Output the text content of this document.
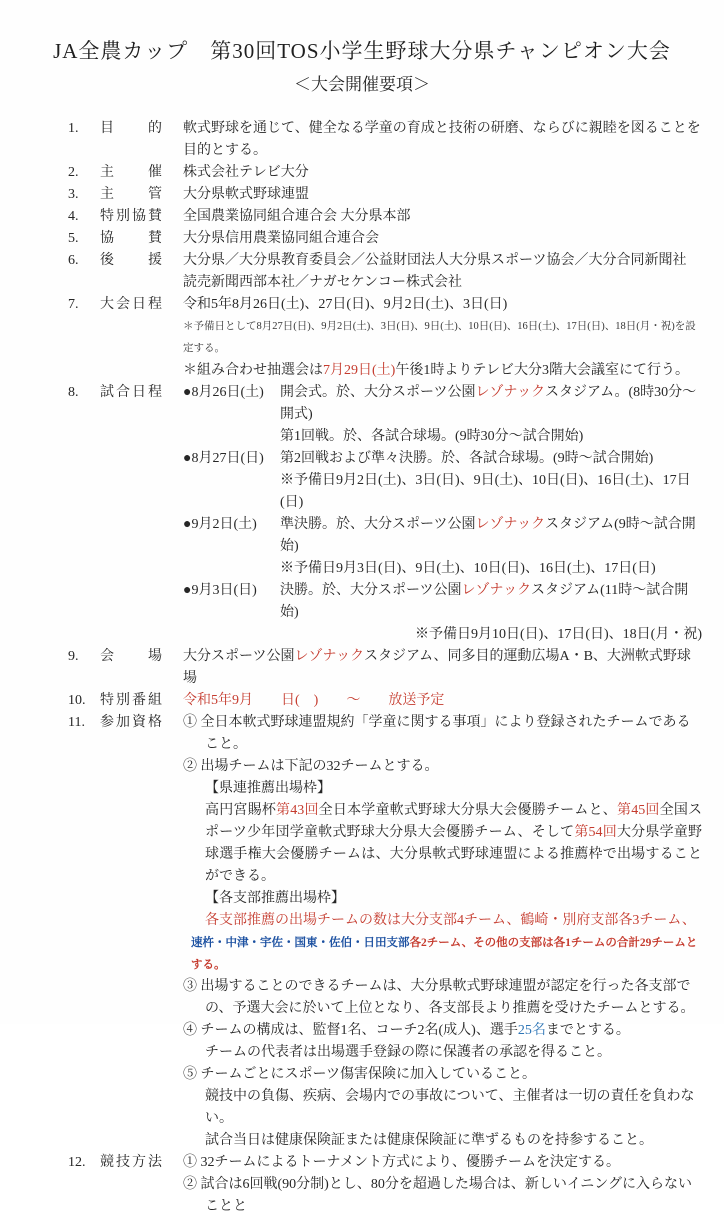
JA全農カップ　第30回TOS小学生野球大分県チャンピオン大会
＜大会開催要項＞
1.	目的 軟式野球を通じて、健全なる学童の育成と技術の研磨、ならびに親睦を図ることを目的とする。
2.	主催 株式会社テレビ大分
3.	主管 大分県軟式野球連盟
4.	特別協賛 全国農業協同組合連合会 大分県本部
5.	協賛 大分県信用農業協同組合連合会
6.	後援 大分県／大分県教育委員会／公益財団法人大分県スポーツ協会／大分合同新聞社
読売新聞西部本社／ナガセケンコー株式会社
7.	大会日程 令和5年8月26日(土)、27日(日)、9月2日(土)、3日(日)
＊予備日として8月27日(日)、9月2日(土)、3日(日)、9日(土)、10日(日)、16日(土)、17日(日)、18日(月・祝)を設定する。
＊組み合わせ抽選会は7月29日(土)午後1時よりテレビ大分3階大会議室にて行う。
8.	試合日程 ●8月26日(土)	開会式。於、大分スポーツ公園レゾナックスタジアム。(8時30分～開式)
第1回戦。於、各試合球場。(9時30分～試合開始)
●8月27日(日)	第2回戦および準々決勝。於、各試合球場。(9時～試合開始)
※予備日9月2日(土)、3日(日)、9日(土)、10日(日)、16日(土)、17日(日)
●9月2日(土)	準決勝。於、大分スポーツ公園レゾナックスタジアム(9時～試合開始)
※予備日9月3日(日)、9日(土)、10日(日)、16日(土)、17日(日)
●9月3日(日)	決勝。於、大分スポーツ公園レゾナックスタジアム(11時～試合開始)
※予備日9月10日(日)、17日(日)、18日(月・祝)
9.	会場 大分スポーツ公園レゾナックスタジアム、同多目的運動広場A・B、大洲軟式野球場
10.	特別番組 令和5年9月　　日(　)　　～　　放送予定
11.	参加資格 ① 全日本軟式野球連盟規約「学童に関する事項」により登録されたチームであること。
② 出場チームは下記の32チームとする。
【県連推薦出場枠】
高円宮賜杯第43回全日本学童軟式野球大分県大会優勝チームと、第45回全国スポーツ少年団学童軟式野球大分県大会優勝チーム、そして第54回大分県学童野球選手権大会優勝チームは、大分県軟式野球連盟による推薦枠で出場することができる。
【各支部推薦出場枠】
各支部推薦の出場チームの数は大分支部4チーム、鶴崎・別府支部各3チーム、
速杵・中津・宇佐・国東・佐伯・日田支部各2チーム、その他の支部は各1チームの合計29チームとする。
③ 出場することのできるチームは、大分県軟式野球連盟が認定を行った各支部での、予選大会に於いて上位となり、各支部長より推薦を受けたチームとする。
④ チームの構成は、監督1名、コーチ2名(成人)、選手25名までとする。
チームの代表者は出場選手登録の際に保護者の承認を得ること。
⑤ チームごとにスポーツ傷害保険に加入していること。
競技中の負傷、疾病、会場内での事故について、主催者は一切の責任を負わない。
試合当日は健康保険証または健康保険証に準ずるものを持参すること。
12.	競技方法 ① 32チームによるトーナメント方式により、優勝チームを決定する。
② 試合は6回戦(90分制)とし、80分を超過した場合は、新しいイニングに入らないことと
